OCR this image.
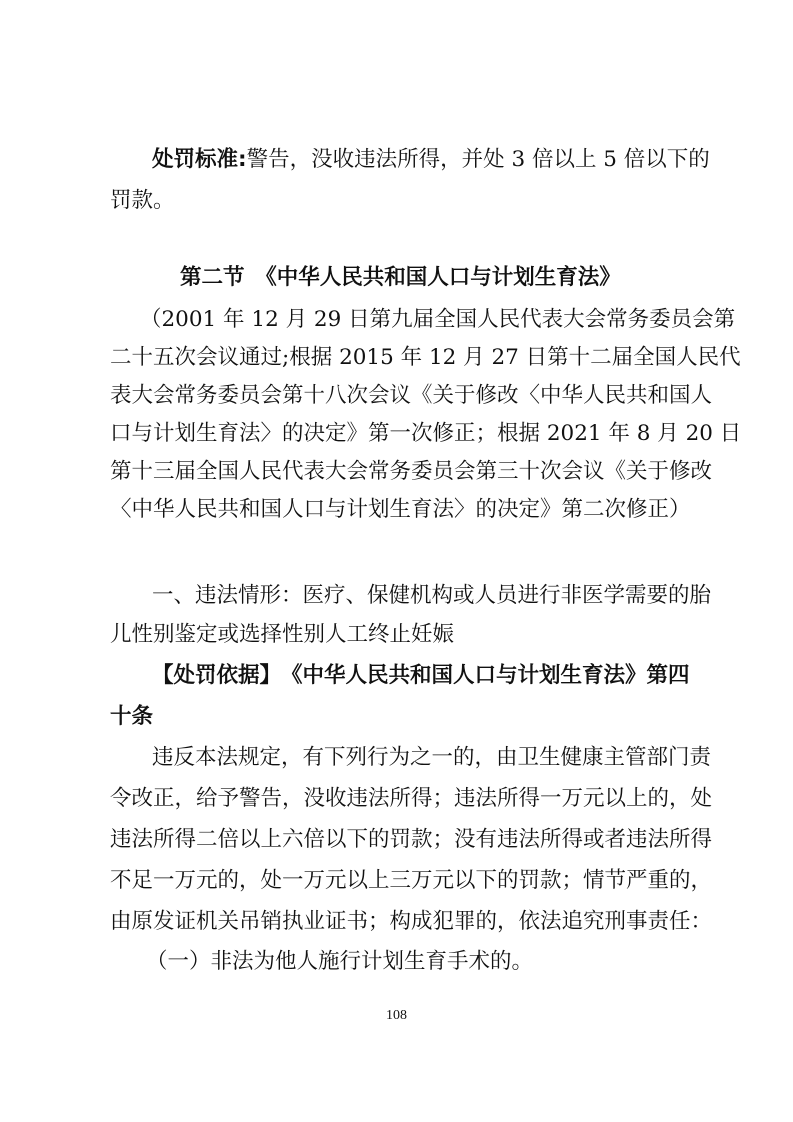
处罚标准:警告，没收违法所得，并处 3 倍以上 5 倍以下的
罚款。
第二节　《中华人民共和国人口与计划生育法》
（2001 年 12 月 29 日第九届全国人民代表大会常务委员会第
二十五次会议通过;根据 2015 年 12 月 27 日第十二届全国人民代
表大会常务委员会第十八次会议《关于修改〈中华人民共和国人
口与计划生育法〉的决定》第一次修正；根据 2021 年 8 月 20 日
第十三届全国人民代表大会常务委员会第三十次会议《关于修改
〈中华人民共和国人口与计划生育法〉的决定》第二次修正）
一、违法情形：医疗、保健机构或人员进行非医学需要的胎
儿性别鉴定或选择性别人工终止妊娠
【处罚依据】　《中华人民共和国人口与计划生育法》第四
十条
违反本法规定，有下列行为之一的，由卫生健康主管部门责
令改正，给予警告，没收违法所得；违法所得一万元以上的，处
违法所得二倍以上六倍以下的罚款；没有违法所得或者违法所得
不足一万元的，处一万元以上三万元以下的罚款；情节严重的，
由原发证机关吊销执业证书；构成犯罪的，依法追究刑事责任：
（一）非法为他人施行计划生育手术的。
108
